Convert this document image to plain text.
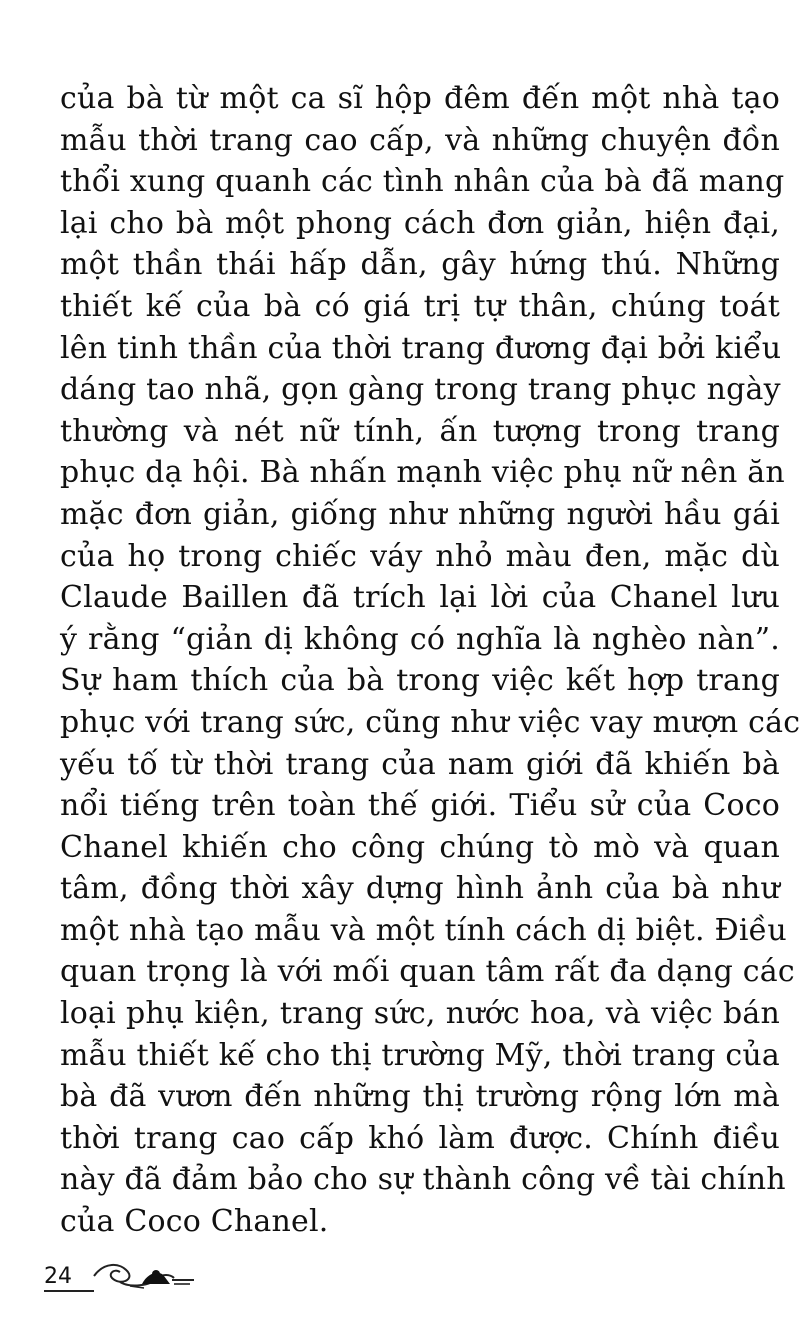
của bà từ một ca sĩ hộp đêm đến một nhà tạo
mẫu thời trang cao cấp, và những chuyện đồn
thổi xung quanh các tình nhân của bà đã mang
lại cho bà một phong cách đơn giản, hiện đại,
một thần thái hấp dẫn, gây hứng thú. Những
thiết kế của bà có giá trị tự thân, chúng toát
lên tinh thần của thời trang đương đại bởi kiểu
dáng tao nhã, gọn gàng trong trang phục ngày
thường và nét nữ tính, ấn tượng trong trang
phục dạ hội. Bà nhấn mạnh việc phụ nữ nên ăn
mặc đơn giản, giống như những người hầu gái
của họ trong chiếc váy nhỏ màu đen, mặc dù
Claude Baillen đã trích lại lời của Chanel lưu
ý rằng “giản dị không có nghĩa là nghèo nàn”.
Sự ham thích của bà trong việc kết hợp trang
phục với trang sức, cũng như việc vay mượn các
yếu tố từ thời trang của nam giới đã khiến bà
nổi tiếng trên toàn thế giới. Tiểu sử của Coco
Chanel khiến cho công chúng tò mò và quan
tâm, đồng thời xây dựng hình ảnh của bà như
một nhà tạo mẫu và một tính cách dị biệt. Điều
quan trọng là với mối quan tâm rất đa dạng các
loại phụ kiện, trang sức, nước hoa, và việc bán
mẫu thiết kế cho thị trường Mỹ, thời trang của
bà đã vươn đến những thị trường rộng lớn mà
thời trang cao cấp khó làm được. Chính điều
này đã đảm bảo cho sự thành công về tài chính
của Coco Chanel.
24
